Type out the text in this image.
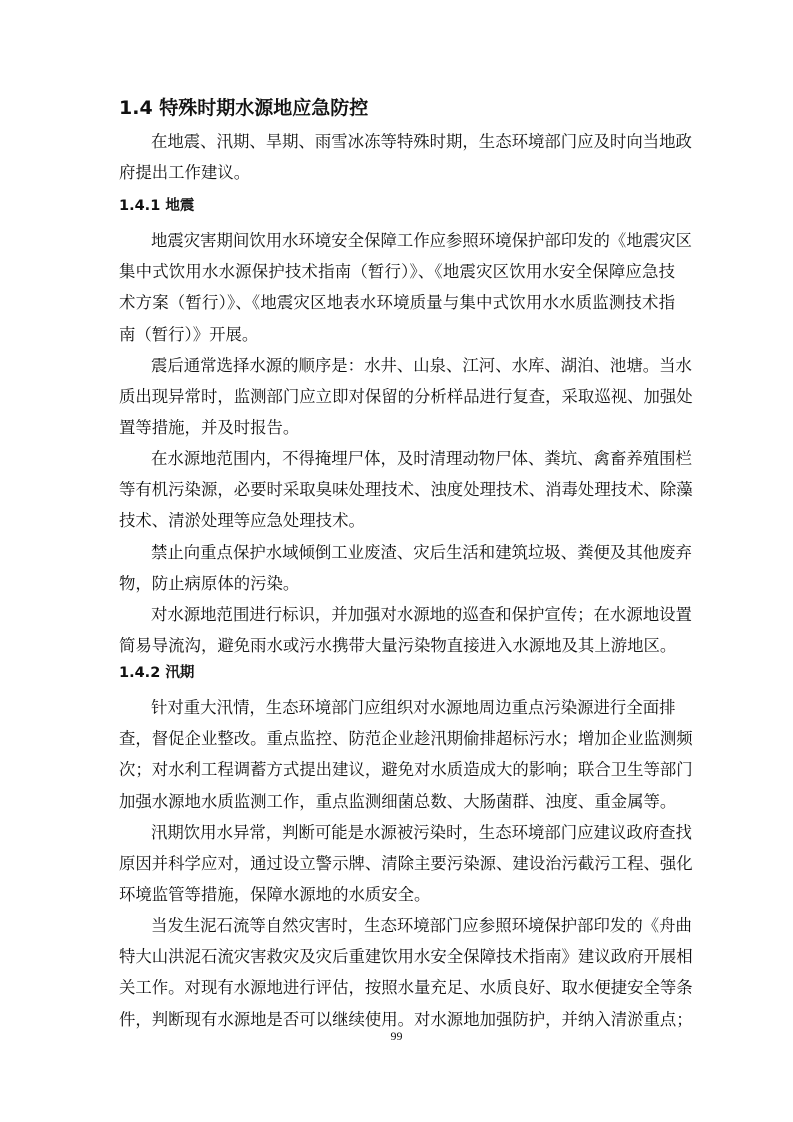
1.4 特殊时期水源地应急防控
在地震、汛期、旱期、雨雪冰冻等特殊时期，生态环境部门应及时向当地政
府提出工作建议。
1.4.1 地震
地震灾害期间饮用水环境安全保障工作应参照环境保护部印发的《地震灾区
集中式饮用水水源保护技术指南（暂行）》、《地震灾区饮用水安全保障应急技
术方案（暂行）》、《地震灾区地表水环境质量与集中式饮用水水质监测技术指
南（暂行）》开展。
震后通常选择水源的顺序是：水井、山泉、江河、水库、湖泊、池塘。当水
质出现异常时，监测部门应立即对保留的分析样品进行复查，采取巡视、加强处
置等措施，并及时报告。
在水源地范围内，不得掩埋尸体，及时清理动物尸体、粪坑、禽畜养殖围栏
等有机污染源，必要时采取臭味处理技术、浊度处理技术、消毒处理技术、除藻
技术、清淤处理等应急处理技术。
禁止向重点保护水域倾倒工业废渣、灾后生活和建筑垃圾、粪便及其他废弃
物，防止病原体的污染。
对水源地范围进行标识，并加强对水源地的巡查和保护宣传；在水源地设置
简易导流沟，避免雨水或污水携带大量污染物直接进入水源地及其上游地区。
1.4.2 汛期
针对重大汛情，生态环境部门应组织对水源地周边重点污染源进行全面排
查，督促企业整改。重点监控、防范企业趁汛期偷排超标污水；增加企业监测频
次；对水利工程调蓄方式提出建议，避免对水质造成大的影响；联合卫生等部门
加强水源地水质监测工作，重点监测细菌总数、大肠菌群、浊度、重金属等。
汛期饮用水异常，判断可能是水源被污染时，生态环境部门应建议政府查找
原因并科学应对，通过设立警示牌、清除主要污染源、建设治污截污工程、强化
环境监管等措施，保障水源地的水质安全。
当发生泥石流等自然灾害时，生态环境部门应参照环境保护部印发的《舟曲
特大山洪泥石流灾害救灾及灾后重建饮用水安全保障技术指南》建议政府开展相
关工作。对现有水源地进行评估，按照水量充足、水质良好、取水便捷安全等条
件，判断现有水源地是否可以继续使用。对水源地加强防护，并纳入清淤重点；
99
